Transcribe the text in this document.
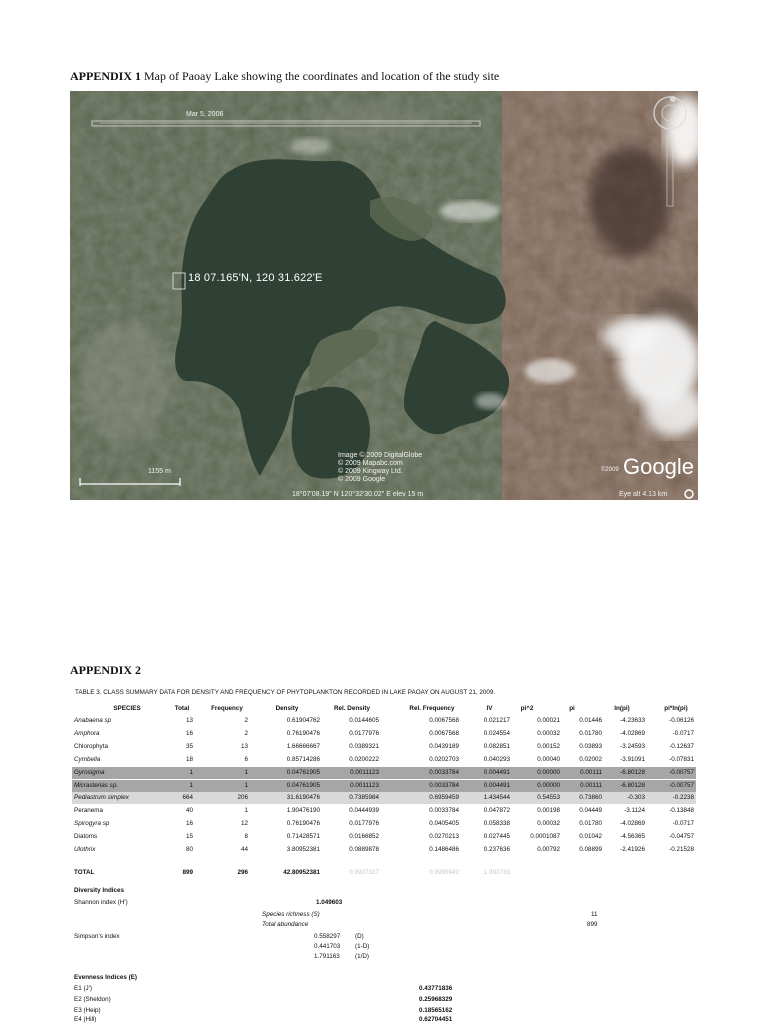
APPENDIX 1 Map of Paoay Lake showing the coordinates and location of the study site
Mar 5, 2006
18 07.165'N, 120 31.622'E
Image © 2009 DigitalGlobe
© 2009 Mapabc.com
© 2009 Kingway Ltd.
© 2009 Google
1155 m
18°07'08.19" N 120°32'30.02" E elev 15 m
©2009 Google
Eye alt 4.13 km
APPENDIX 2
TABLE 3. CLASS SUMMARY DATA FOR DENSITY AND FREQUENCY OF PHYTOPLANKTON RECORDED IN LAKE PAOAY ON AUGUST 21, 2009.
SPECIES	Total	Frequency	Density	Rel. Density	Rel. Frequency	IV	pi^2	pi	ln(pi)	pi*ln(pi)
Anabaena sp	13	2	0.61904762	0.0144605	0.0067568	0.021217	0.00021	0.01446	-4.23633	-0.06126
Amphora	16	2	0.76190476	0.0177976	0.0067568	0.024554	0.00032	0.01780	-4.02869	-0.0717
Chlorophyta	35	13	1.66666667	0.0389321	0.0439189	0.082851	0.00152	0.03893	-3.24593	-0.12637
Cymbella	18	6	0.85714286	0.0200222	0.0202703	0.040293	0.00040	0.02002	-3.91091	-0.07831
Gyrosigma	1	1	0.04761905	0.0011123	0.0033784	0.004491	0.00000	0.00111	-6.80128	-0.00757
Micrasterias sp.	1	1	0.04761905	0.0011123	0.0033784	0.004491	0.00000	0.00111	-6.80128	-0.00757
Pediastrum simplex	664	206	31.6190476	0.7385984	0.6959459	1.434544	0.54553	0.73860	-0.303	-0.2238
Peranema	40	1	1.90476190	0.0444939	0.0033784	0.047872	0.00198	0.04449	-3.1124	-0.13848
Spirogyra sp	16	12	0.76190476	0.0177976	0.0405405	0.058338	0.00032	0.01780	-4.02869	-0.0717
Diatoms	15	8	0.71428571	0.0166852	0.0270213	0.027445	0.0001087	0.01042	-4.56365	-0.04757
Ulothrix	80	44	3.80952381	0.0889878	0.1486486	0.237636	0.00792	0.08899	-2.41926	-0.21528
TOTAL	899	296	42.80952381	0.9937337	0.9999942	1.993733
Diversity Indices
Shannon index (H')	1.049603
Species richness (S)	11
Total abundance	899
Simpson's index	0.558297 (D)
0.441703 (1-D)
1.791163 (1/D)
Evenness Indices (E)
E1 (J')	0.43771836
E2 (Sheldon)	0.25968329
E3 (Heip)	0.18565162
E4 (Hill)	0.62704451
